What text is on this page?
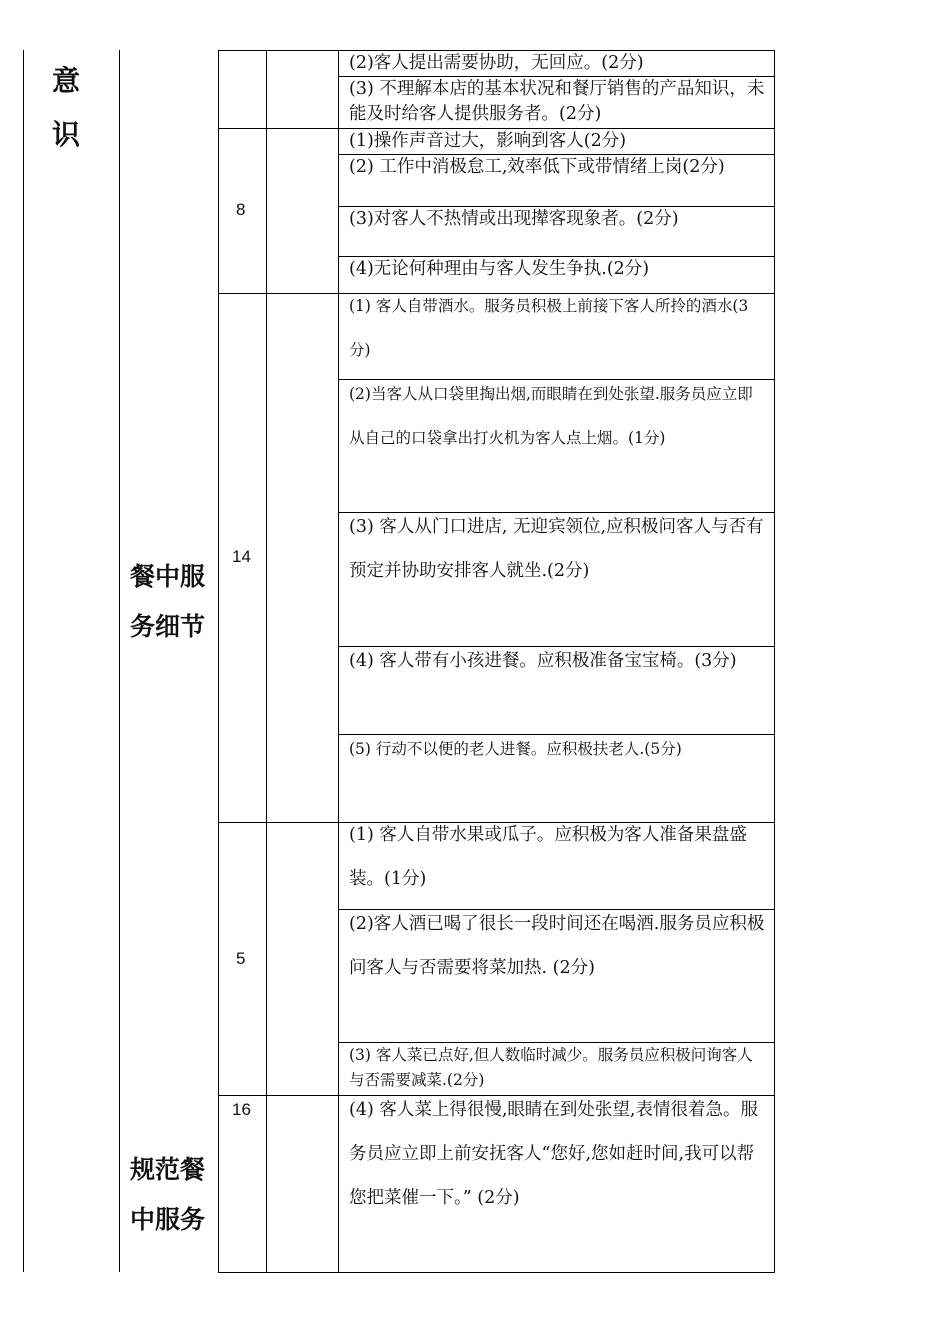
意识
餐中服务细节
规范餐中服务
8
14
5
16
(2)客人提出需要协助，无回应。(2分)
(3) 不理解本店的基本状况和餐厅销售的产品知识，未能及时给客人提供服务者。(2分)
(1)操作声音过大，影响到客人(2分)
(2) 工作中消极怠工,效率低下或带情绪上岗(2分)
(3)对客人不热情或出现撵客现象者。(2分)
(4)无论何种理由与客人发生争执.(2分)
(1) 客人自带酒水。服务员积极上前接下客人所拎的酒水(3分)
(2)当客人从口袋里掏出烟,而眼睛在到处张望.服务员应立即从自己的口袋拿出打火机为客人点上烟。(1分)
(3) 客人从门口进店, 无迎宾领位,应积极问客人与否有预定并协助安排客人就坐.(2分)
(4) 客人带有小孩进餐。应积极准备宝宝椅。(3分)
(5) 行动不以便的老人进餐。应积极扶老人.(5分)
(1) 客人自带水果或瓜子。应积极为客人准备果盘盛装。(1分)
(2)客人酒已喝了很长一段时间还在喝酒.服务员应积极问客人与否需要将菜加热. (2分)
(3) 客人菜已点好,但人数临时减少。服务员应积极问询客人与否需要减菜.(2分)
(4) 客人菜上得很慢,眼睛在到处张望,表情很着急。服务员应立即上前安抚客人“您好,您如赶时间,我可以帮您把菜催一下。” (2分)
